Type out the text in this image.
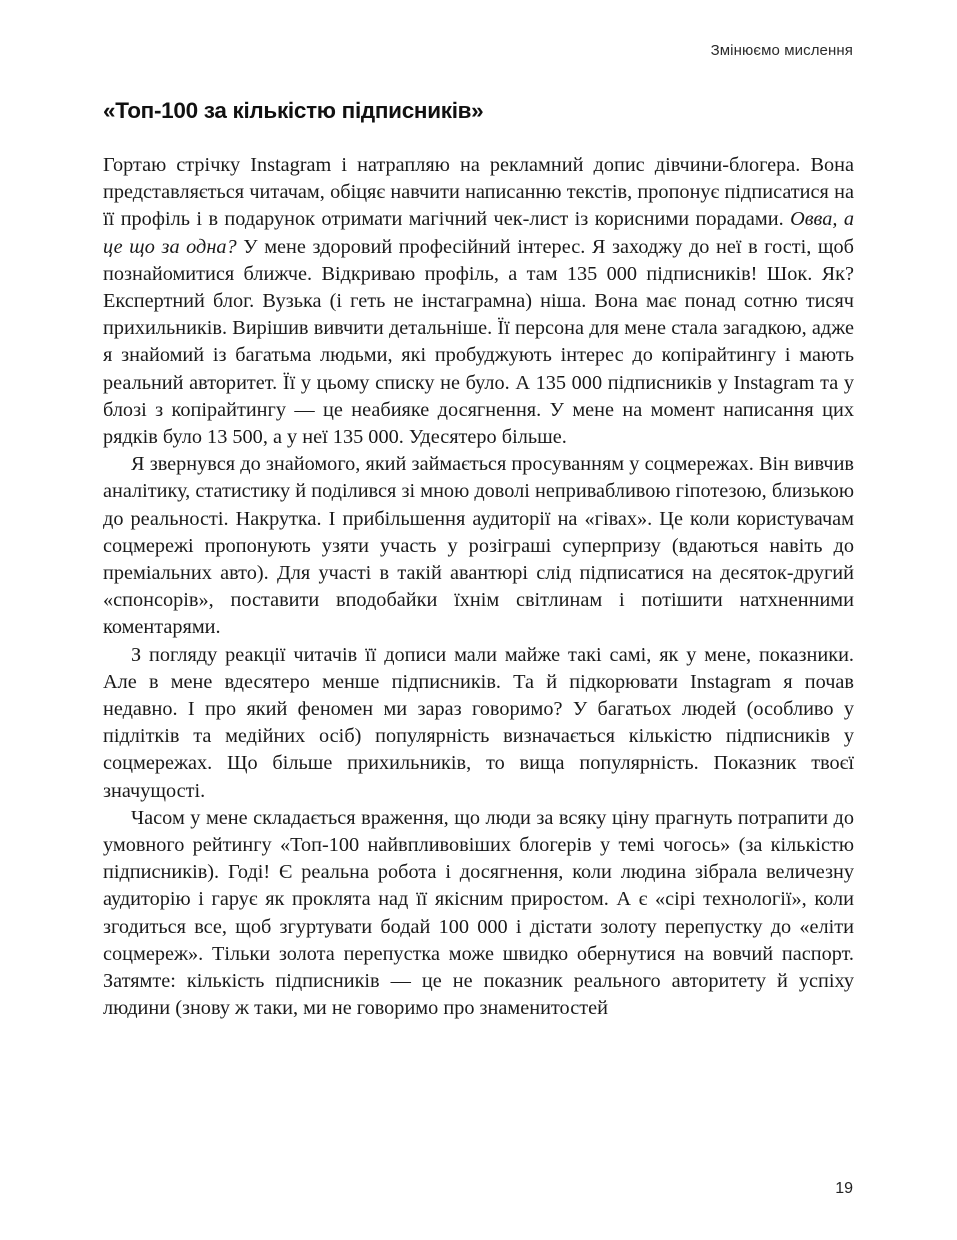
Змінюємо мислення
«Топ-100 за кількістю підписників»

Гортаю стрічку Instagram і натрапляю на рекламний допис дівчини-блогера. Вона представляється читачам, обіцяє навчити написанню текстів, пропонує підписатися на її профіль і в подарунок отримати магічний чек-лист із корисними порадами. Овва, а це що за одна? У мене здоровий професійний інтерес. Я заходжу до неї в гості, щоб познайомитися ближче. Відкриваю профіль, а там 135 000 підписників! Шок. Як? Експертний блог. Вузька (і геть не інстаграмна) ніша. Вона має понад сотню тисяч прихильників. Вирішив вивчити детальніше. Її персона для мене стала загадкою, адже я знайомий із багатьма людьми, які пробуджують інтерес до копірайтингу і мають реальний авторитет. Її у цьому списку не було. А 135 000 підписників у Instagram та у блозі з копірайтингу — це неабияке досягнення. У мене на момент написання цих рядків було 13 500, а у неї 135 000. Удесятеро більше.

Я звернувся до знайомого, який займається просуванням у соцмережах. Він вивчив аналітику, статистику й поділився зі мною доволі непривабливою гіпотезою, близькою до реальності. Накрутка. І прибільшення аудиторії на «гівах». Це коли користувачам соцмережі пропонують узяти участь у розіграші суперпризу (вдаються навіть до преміальних авто). Для участі в такій авантюрі слід підписатися на десяток-другий «спонсорів», поставити вподобайки їхнім світлинам і потішити натхненними коментарями.

З погляду реакції читачів її дописи мали майже такі самі, як у мене, показники. Але в мене вдесятеро менше підписників. Та й підкорювати Instagram я почав недавно. І про який феномен ми зараз говоримо? У багатьох людей (особливо у підлітків та медійних осіб) популярність визначається кількістю підписників у соцмережах. Що більше прихильників, то вища популярність. Показник твоєї значущості.

Часом у мене складається враження, що люди за всяку ціну прагнуть потрапити до умовного рейтингу «Топ-100 найвпливовіших блогерів у темі чогось» (за кількістю підписників). Годі! Є реальна робота і досягнення, коли людина зібрала величезну аудиторію і гарує як проклята над її якісним приростом. А є «сірі технології», коли згодиться все, щоб згуртувати бодай 100 000 і дістати золоту перепустку до «еліти соцмереж». Тільки золота перепустка може швидко обернутися на вовчий паспорт. Затямте: кількість підписників — це не показник реального авторитету й успіху людини (знову ж таки, ми не говоримо про знаменитостей

19
